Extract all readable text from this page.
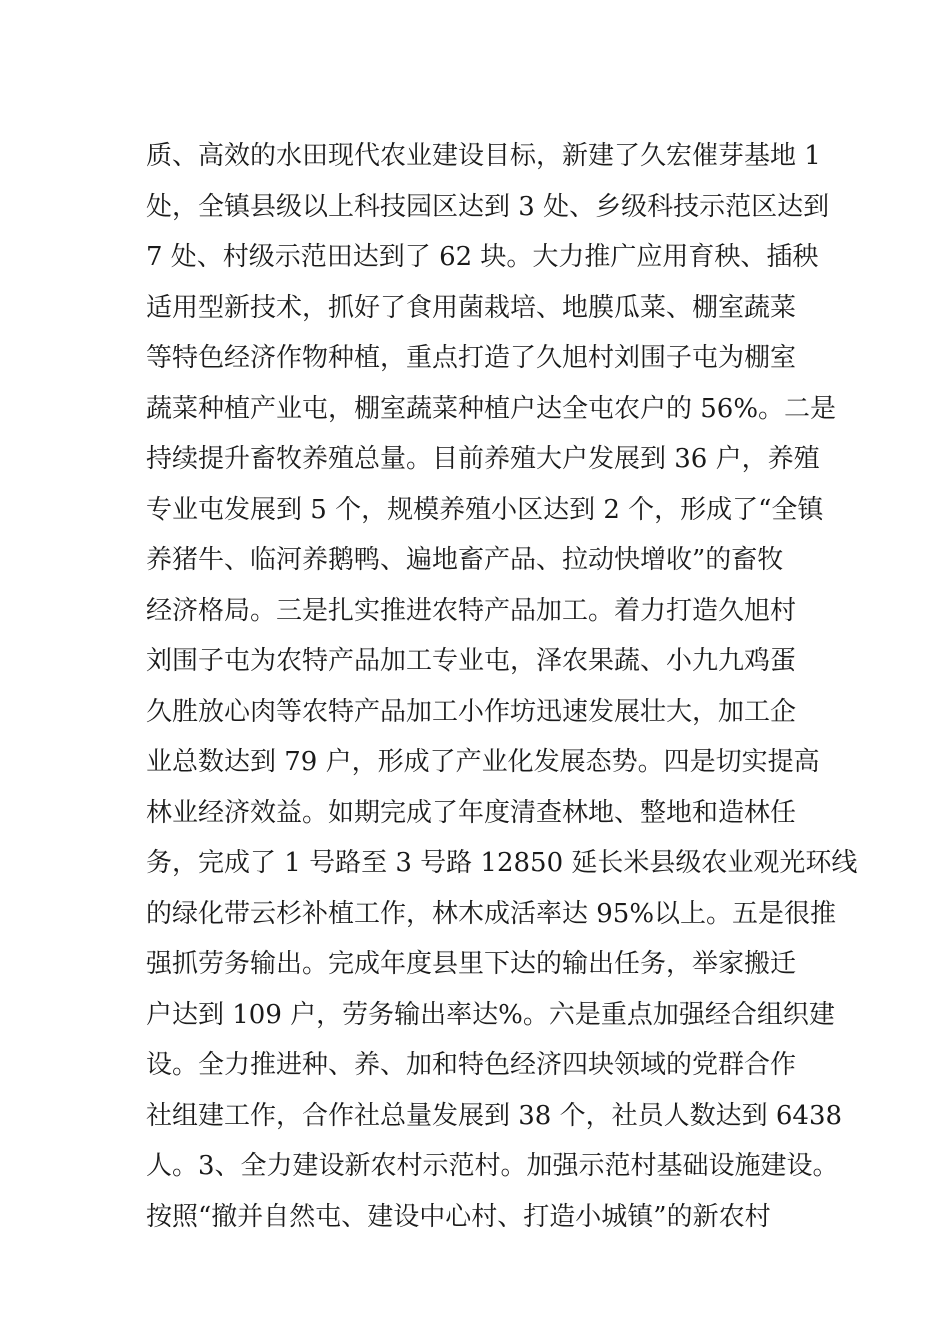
质、高效的水田现代农业建设目标，新建了久宏催芽基地 1
处，全镇县级以上科技园区达到 3 处、乡级科技示范区达到
7 处、村级示范田达到了 62 块。大力推广应用育秧、插秧
适用型新技术，抓好了食用菌栽培、地膜瓜菜、棚室蔬菜
等特色经济作物种植，重点打造了久旭村刘围子屯为棚室
蔬菜种植产业屯，棚室蔬菜种植户达全屯农户的 56%。二是
持续提升畜牧养殖总量。目前养殖大户发展到 36 户，养殖
专业屯发展到 5 个，规模养殖小区达到 2 个，形成了“全镇
养猪牛、临河养鹅鸭、遍地畜产品、拉动快增收”的畜牧
经济格局。三是扎实推进农特产品加工。着力打造久旭村
刘围子屯为农特产品加工专业屯，泽农果蔬、小九九鸡蛋
久胜放心肉等农特产品加工小作坊迅速发展壮大，加工企
业总数达到 79 户，形成了产业化发展态势。四是切实提高
林业经济效益。如期完成了年度清查林地、整地和造林任
务，完成了 1 号路至 3 号路 12850 延长米县级农业观光环线
的绿化带云杉补植工作，林木成活率达 95%以上。五是很推
强抓劳务输出。完成年度县里下达的输出任务，举家搬迁
户达到 109 户，劳务输出率达%。六是重点加强经合组织建
设。全力推进种、养、加和特色经济四块领域的党群合作
社组建工作，合作社总量发展到 38 个，社员人数达到 6438
人。3、全力建设新农村示范村。加强示范村基础设施建设。
按照“撤并自然屯、建设中心村、打造小城镇”的新农村
